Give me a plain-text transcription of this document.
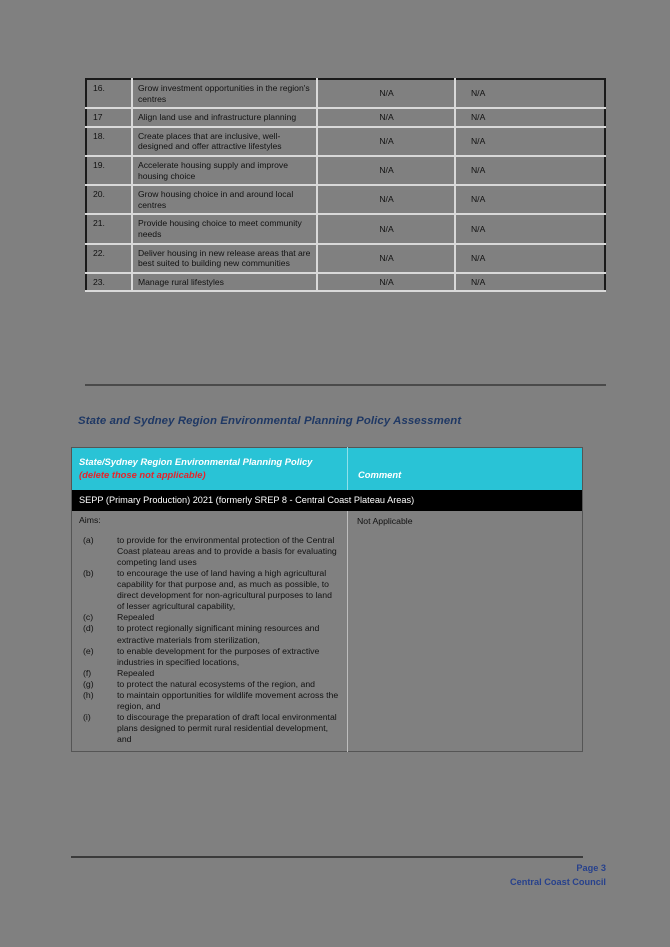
16.	Grow investment opportunities in the region's centres	N/A	N/A
17	Align land use and infrastructure planning	N/A	N/A
18.	Create places that are inclusive, well-designed and offer attractive lifestyles	N/A	N/A
19.	Accelerate housing supply and improve housing choice	N/A	N/A
20.	Grow housing choice in and around local centres	N/A	N/A
21.	Provide housing choice to meet community needs	N/A	N/A
22.	Deliver housing in new release areas that are best suited to building new communities	N/A	N/A
23.	Manage rural lifestyles	N/A	N/A
State and Sydney Region Environmental Planning Policy Assessment
State/Sydney Region Environmental Planning Policy (delete those not applicable)	Comment
SEPP (Primary Production) 2021 (formerly SREP 8 - Central Coast Plateau Areas)	

Aims:
(a)	to provide for the environmental protection of the Central Coast plateau areas and to provide a basis for evaluating competing land uses
(b)	to encourage the use of land having a high agricultural capability for that purpose and, as much as possible, to direct development for non-agricultural purposes to land of lesser agricultural capability,
(c)	Repealed
(d)	to protect regionally significant mining resources and extractive materials from sterilization,
(e)	to enable development for the purposes of extractive industries in specified locations,
(f)	Repealed
(g)	to protect the natural ecosystems of the region, and
(h)	to maintain opportunities for wildlife movement across the region, and
(i)	to discourage the preparation of draft local environmental plans designed to permit rural residential development, and
	Not Applicable
Page 3
Central Coast Council
